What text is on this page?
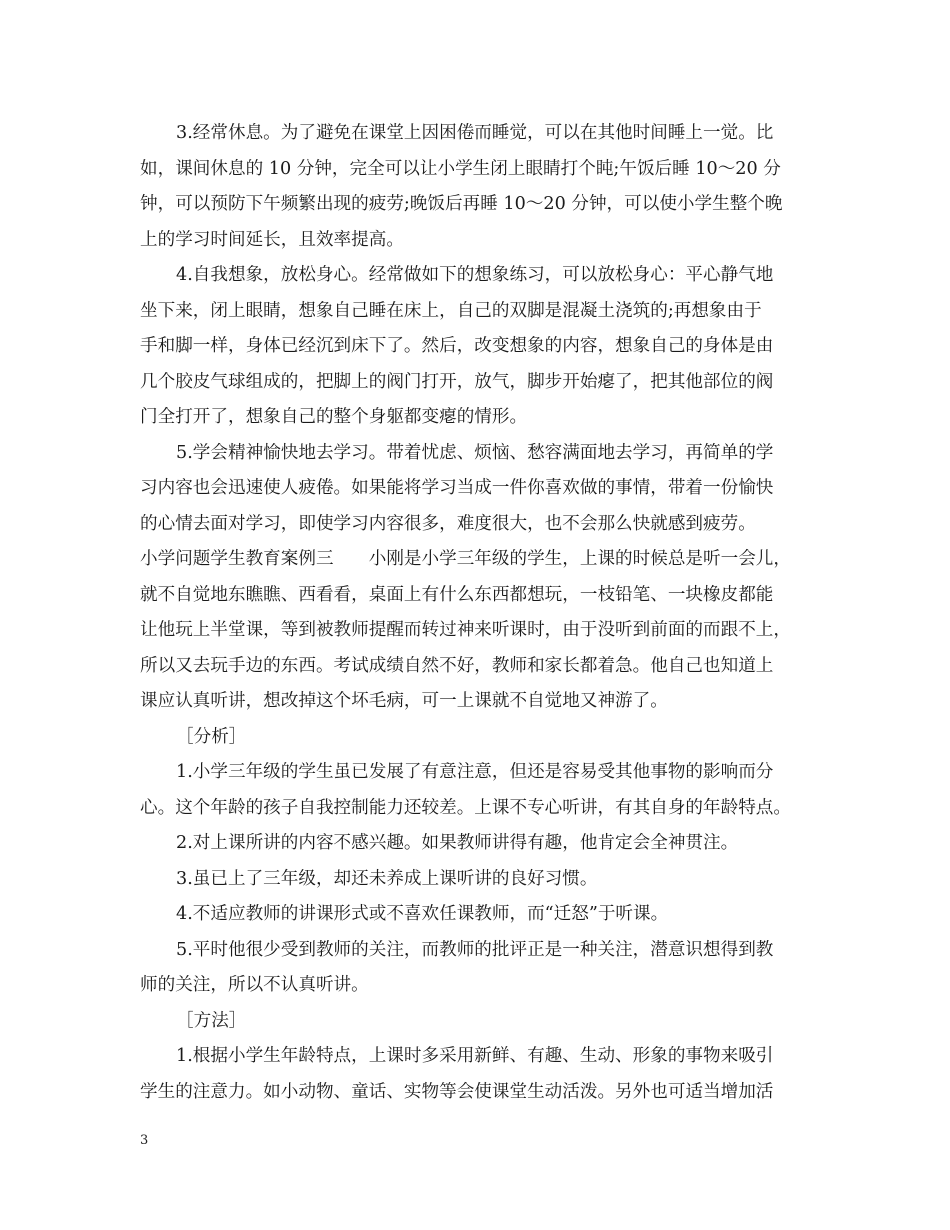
3.经常休息。为了避免在课堂上因困倦而睡觉，可以在其他时间睡上一觉。比
如，课间休息的 10 分钟，完全可以让小学生闭上眼睛打个盹;午饭后睡 10～20 分
钟，可以预防下午频繁出现的疲劳;晚饭后再睡 10～20 分钟，可以使小学生整个晚
上的学习时间延长，且效率提高。
4.自我想象，放松身心。经常做如下的想象练习，可以放松身心：平心静气地
坐下来，闭上眼睛，想象自己睡在床上，自己的双脚是混凝土浇筑的;再想象由于
手和脚一样，身体已经沉到床下了。然后，改变想象的内容，想象自己的身体是由
几个胶皮气球组成的，把脚上的阀门打开，放气，脚步开始瘪了，把其他部位的阀
门全打开了，想象自己的整个身躯都变瘪的情形。
5.学会精神愉快地去学习。带着忧虑、烦恼、愁容满面地去学习，再简单的学
习内容也会迅速使人疲倦。如果能将学习当成一件你喜欢做的事情，带着一份愉快
的心情去面对学习，即使学习内容很多，难度很大，也不会那么快就感到疲劳。
小学问题学生教育案例三　　小刚是小学三年级的学生，上课的时候总是听一会儿，
就不自觉地东瞧瞧、西看看，桌面上有什么东西都想玩，一枝铅笔、一块橡皮都能
让他玩上半堂课，等到被教师提醒而转过神来听课时，由于没听到前面的而跟不上，
所以又去玩手边的东西。考试成绩自然不好，教师和家长都着急。他自己也知道上
课应认真听讲，想改掉这个坏毛病，可一上课就不自觉地又神游了。
［分析］
1.小学三年级的学生虽已发展了有意注意，但还是容易受其他事物的影响而分
心。这个年龄的孩子自我控制能力还较差。上课不专心听讲，有其自身的年龄特点。
2.对上课所讲的内容不感兴趣。如果教师讲得有趣，他肯定会全神贯注。
3.虽已上了三年级，却还未养成上课听讲的良好习惯。
4.不适应教师的讲课形式或不喜欢任课教师，而“迁怒”于听课。
5.平时他很少受到教师的关注，而教师的批评正是一种关注，潜意识想得到教
师的关注，所以不认真听讲。
［方法］
1.根据小学生年龄特点，上课时多采用新鲜、有趣、生动、形象的事物来吸引
学生的注意力。如小动物、童话、实物等会使课堂生动活泼。另外也可适当增加活
3
